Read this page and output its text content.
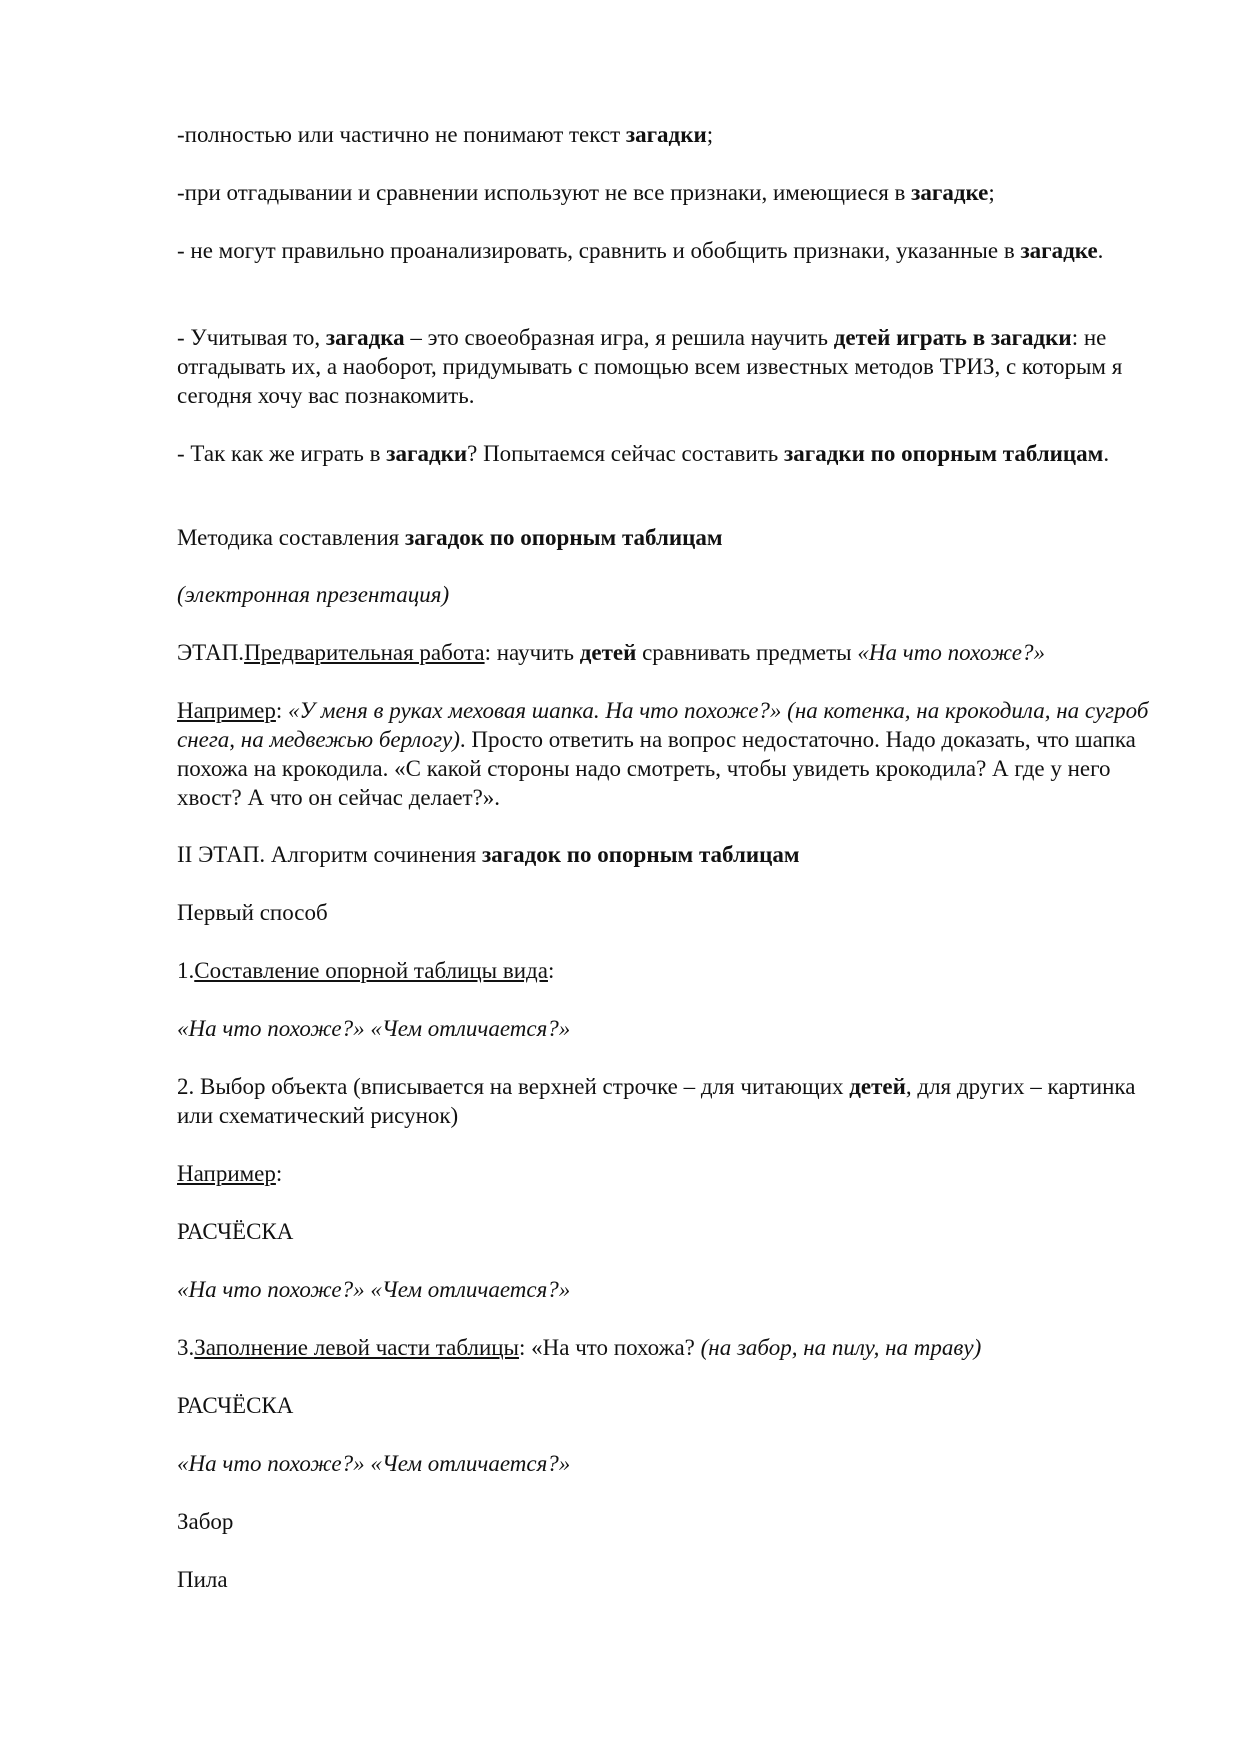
-полностью или частично не понимают текст загадки;

-при отгадывании и сравнении используют не все признаки, имеющиеся в загадке;

- не могут правильно проанализировать, сравнить и обобщить признаки, указанные в загадке.

- Учитывая то, загадка – это своеобразная игра, я решила научить детей играть в загадки: не отгадывать их, а наоборот, придумывать с помощью всем известных методов ТРИЗ, с которым я сегодня хочу вас познакомить.

- Так как же играть в загадки? Попытаемся сейчас составить загадки по опорным таблицам.

Методика составления загадок по опорным таблицам

(электронная презентация)

ЭТАП.Предварительная работа: научить детей сравнивать предметы «На что похоже?»

Например: «У меня в руках меховая шапка. На что похоже?» (на котенка, на крокодила, на сугроб снега, на медвежью берлогу). Просто ответить на вопрос недостаточно. Надо доказать, что шапка похожа на крокодила. «С какой стороны надо смотреть, чтобы увидеть крокодила? А где у него хвост? А что он сейчас делает?».

II ЭТАП. Алгоритм сочинения загадок по опорным таблицам

Первый способ

1.Составление опорной таблицы вида:

«На что похоже?» «Чем отличается?»

2. Выбор объекта (вписывается на верхней строчке – для читающих детей, для других – картинка или схематический рисунок)

Например:

РАСЧЁСКА

«На что похоже?» «Чем отличается?»

3.Заполнение левой части таблицы: «На что похожа? (на забор, на пилу, на траву)

РАСЧЁСКА

«На что похоже?» «Чем отличается?»

Забор

Пила
